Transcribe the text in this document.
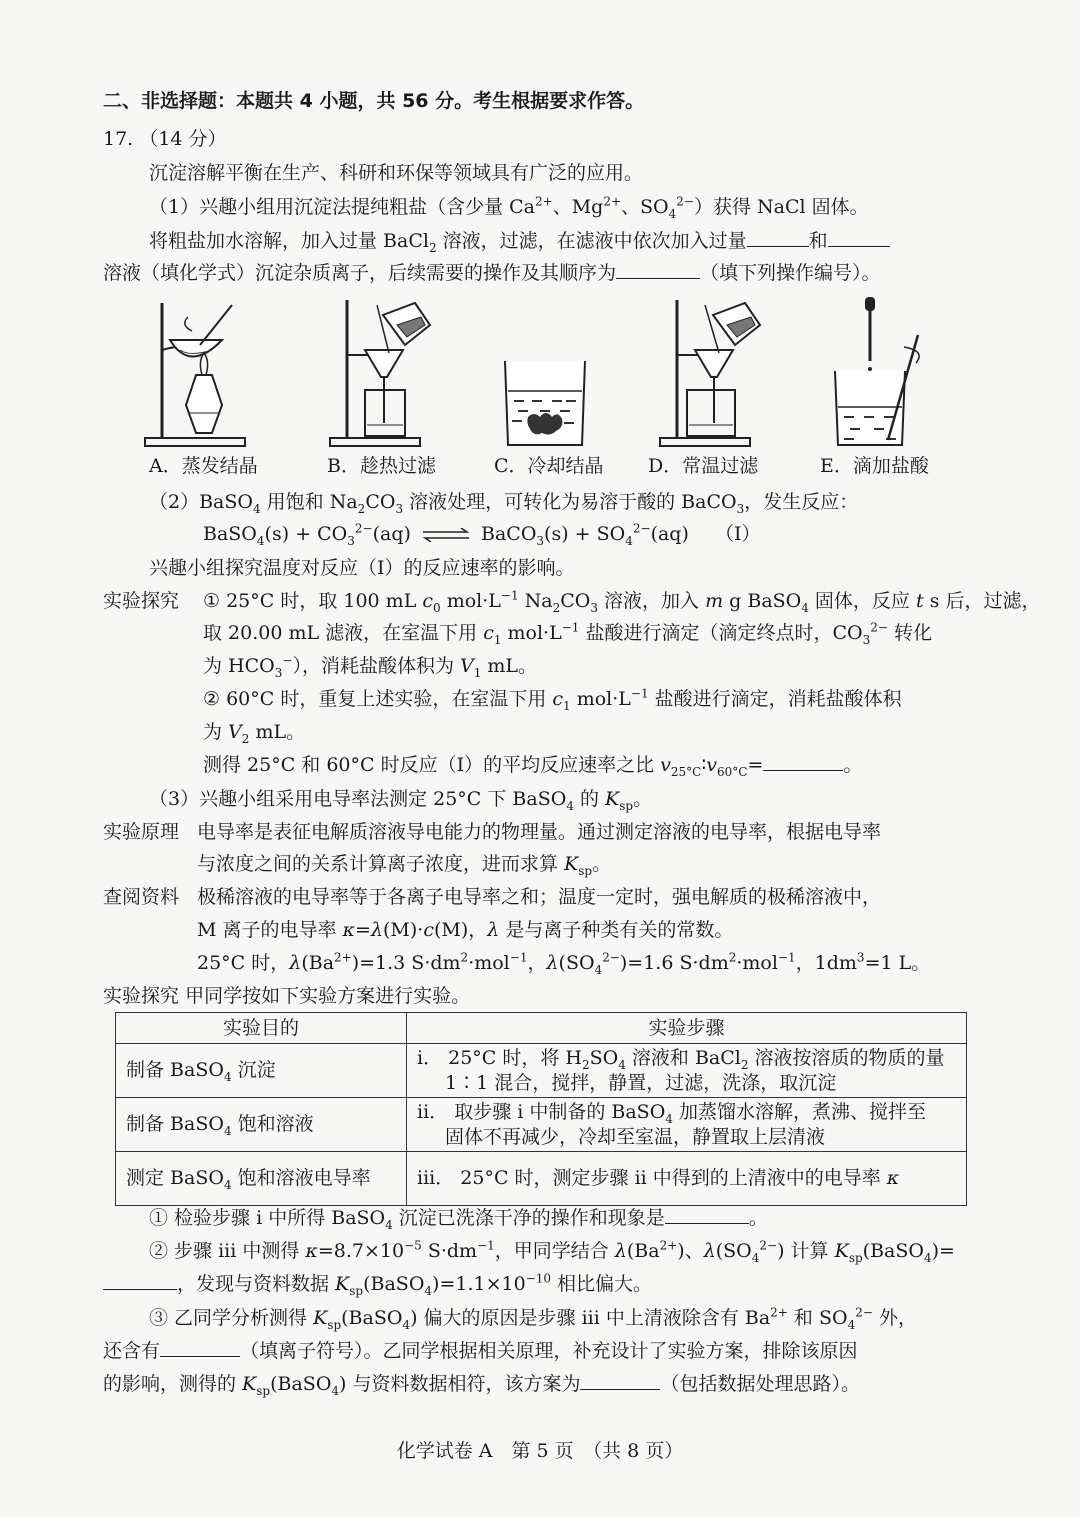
二、非选择题：本题共 4 小题，共 56 分。考生根据要求作答。
17. （14 分）
沉淀溶解平衡在生产、科研和环保等领域具有广泛的应用。
（1）兴趣小组用沉淀法提纯粗盐（含少量 $Ca^{2+}$、$Mg^{2+}$、$SO_4^{2-}$）获得 NaCl 固体。
将粗盐加水溶解，加入过量 BaCl$_2$ 溶液，过滤，在滤液中依次加入过量	和
溶液（填化学式）沉淀杂质离子，后续需要的操作及其顺序为	（填下列操作编号）。
A．蒸发结晶	B．趁热过滤	C．冷却结晶 D．常温过滤	E．滴加盐酸
（2）BaSO$_4$ 用饱和 $Na_2CO_3$ 溶液处理，可转化为易溶于酸的 BaCO$_3$，发生反应：
BaSO$_4$(s) + $CO_3^{2-}(aq)$ ⇌ BaCO$_3$(s) + $SO_4^{2-}(aq)$ （I）
兴趣小组探究温度对反应（I）的反应速率的影响。
实验探究 ① 25°C 时，取 100 mL $c_0$ $mol\cdot L^{-1}$ $Na_2CO_3$ 溶液，加入 m g BaSO$_4$ 固体，反应 t s 后，过滤，
取 20.00 mL 滤液，在室温下用 $c_1$ $mol\cdot L^{-1}$ 盐酸进行滴定（滴定终点时，$CO_3^{2-}$ 转化
为 $HCO_3^-$），消耗盐酸体积为 $V_1$ mL。
② 60°C 时，重复上述实验，在室温下用 $c_1$ $mol\cdot L^{-1}$ 盐酸进行滴定，消耗盐酸体积
为 $V_2$ mL。
测得 25°C 和 60°C 时反应（I）的平均反应速率之比 $v_{25^\circ C}∶v_{60^\circ C}=$	。
（3）兴趣小组采用电导率法测定 25°C 下 BaSO$_4$ 的 $K_{sp}$。
实验原理 电导率是表征电解质溶液导电能力的物理量。通过测定溶液的电导率，根据电导率
与浓度之间的关系计算离子浓度，进而求算 $K_{sp}$。
查阅资料 极稀溶液的电导率等于各离子电导率之和；温度一定时，强电解质的极稀溶液中，
M 离子的电导率 κ=λ(M)·c(M)，λ 是与离子种类有关的常数。
25°C 时，$\lambda(Ba^{2+})=1.3$ $S\cdot dm^2\cdot mol^{-1}$，$\lambda(SO_4^{2-})=1.6$ $S\cdot dm^2\cdot mol^{-1}$，$1dm^3=1$ L。
实验探究 甲同学按如下实验方案进行实验。
实验目的	实验步骤
制备 BaSO$_4$ 沉淀	i． 25°C 时，将 $H_2SO_4$ 溶液和 BaCl$_2$ 溶液按溶质的物质的量
1∶1 混合，搅拌，静置，过滤，洗涤，取沉淀

制备 BaSO$_4$ 饱和溶液	ii． 取步骤 i 中制备的 BaSO$_4$ 加蒸馏水溶解，煮沸、搅拌至
固体不再减少，冷却至室温，静置取上层清液

测定 BaSO$_4$ 饱和溶液电导率	iii． 25°C 时，测定步骤 ii 中得到的上清液中的电导率 κ
① 检验步骤 i 中所得 BaSO$_4$ 沉淀已洗涤干净的操作和现象是	。
② 步骤 iii 中测得 $\kappa=8.7\times 10^{-5}$ $S\cdot dm^{-1}$，甲同学结合 $\lambda(Ba^{2+})$、$\lambda(SO_4^{2-})$ 计算 $K_{sp}(BaSO_4)=$
，发现与资料数据 $K_{sp}(BaSO_4)=1.1\times 10^{-10}$ 相比偏大。
③ 乙同学分析测得 $K_{sp}(BaSO_4)$ 偏大的原因是步骤 iii 中上清液除含有 $Ba^{2+}$ 和 $SO_4^{2-}$ 外，
还含有	（填离子符号）。乙同学根据相关原理，补充设计了实验方案，排除该原因
的影响，测得的 $K_{sp}(BaSO_4)$ 与资料数据相符，该方案为	（包括数据处理思路）。
化学试卷 A　第 5 页　（共 8 页）
